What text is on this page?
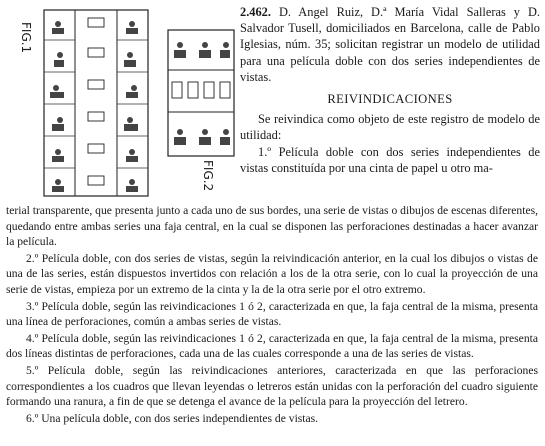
FIG.1
FIG.2

2.462. D. Angel Ruiz, D.ª María Vidal Salleras y D. Salvador Tusell, domiciliados en Barcelona, calle de Pablo Iglesias, núm. 35; solicitan registrar un modelo de utilidad para una película doble con dos series independientes de vistas.

REIVINDICACIONES

Se reivindica como objeto de este registro de modelo de utilidad:

1.º Película doble con dos series independientes de vistas constituída por una cinta de papel u otro ma-

terial transparente, que presenta junto a cada uno de sus bordes, una serie de vistas o dibujos de escenas diferentes, quedando entre ambas series una faja central, en la cual se disponen las perforaciones destinadas a hacer avanzar la película.

2.º Película doble, con dos series de vistas, según la reivindicación anterior, en la cual los dibujos o vistas de una de las series, están dispuestos invertidos con relación a los de la otra serie, con lo cual la proyección de una serie de vistas, empieza por un extremo de la cinta y la de la otra serie por el otro extremo.

3.º Película doble, según las reivindicaciones 1 ó 2, caracterizada en que, la faja central de la misma, presenta una línea de perforaciones, común a ambas series de vistas.

4.º Película doble, según las reivindicaciones 1 ó 2, caracterizada en que, la faja central de la misma, presenta dos líneas distintas de perforaciones, cada una de las cuales corresponde a una de las series de vistas.

5.º Película doble, según las reivindicaciones anteriores, caracterizada en que las perforaciones correspondientes a los cuadros que llevan leyendas o letreros están unidas con la perforación del cuadro siguiente formando una ranura, a fin de que se detenga el avance de la película para la proyección del letrero.

6.º Una película doble, con dos series independientes de vistas.
